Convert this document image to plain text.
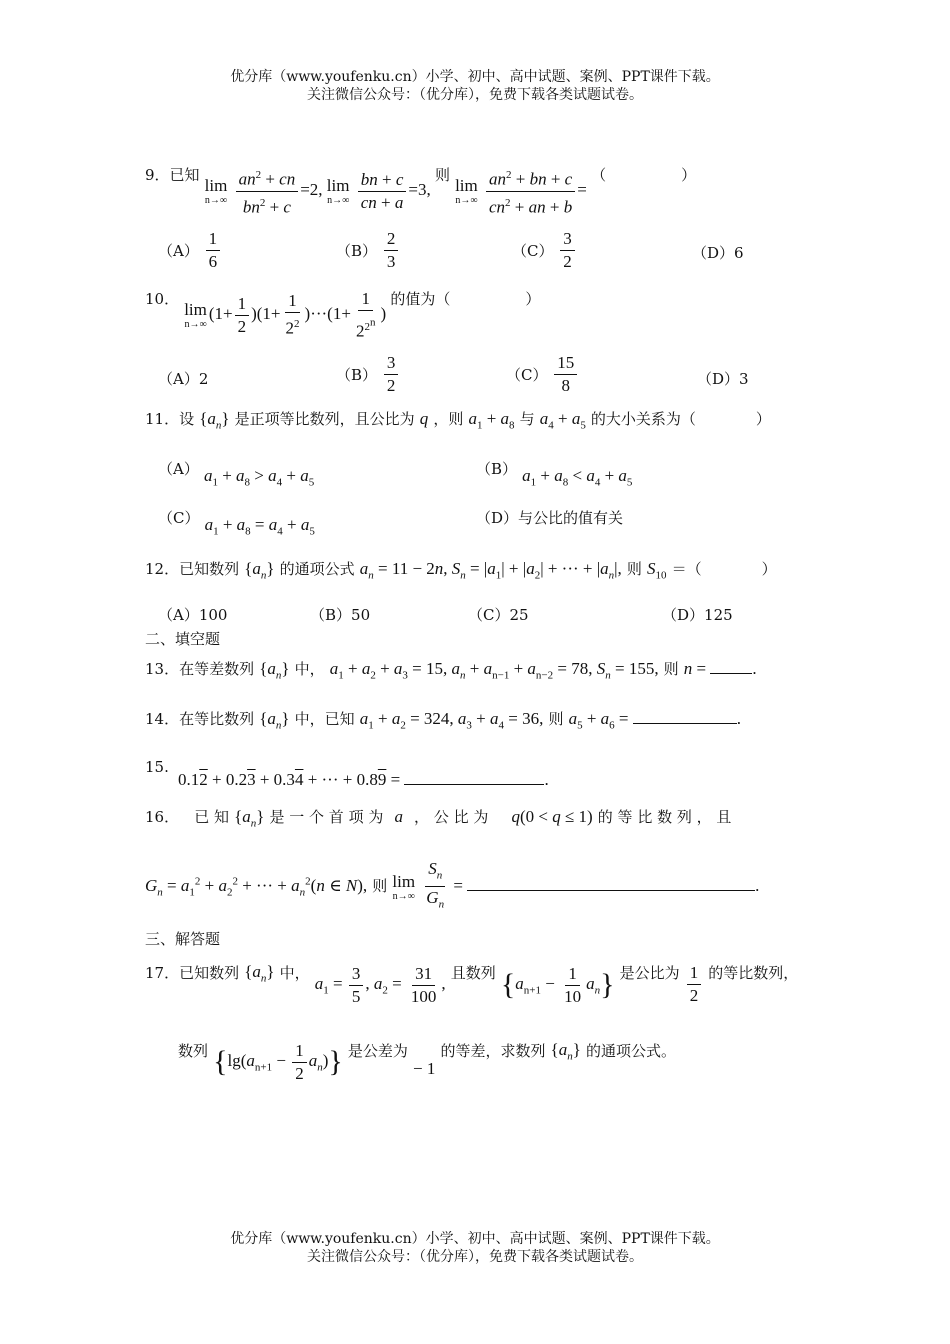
优分库（www.youfenku.cn）小学、初中、高中试题、案例、PPT课件下载。
关注微信公众号：（优分库），免费下载各类试题试卷。
9．已知
lim
n→∞
$\frac{an^2 + cn}{bn^2 + c} =2$, lim
n→∞
$\frac{bn + c}{cn + a} =3$, 则
lim
n→∞
$\frac{an^2 + bn + c}{cn^2 + an + b}$ = （　　　　　）
$(A) \frac{1}{6}$	$(B) \frac{2}{3}$	$(C) \frac{3}{2}$	（D）6
10．
lim
n→∞
$(1+ \frac{1}{2} )(1+ \frac{1}{2^2} )\cdot\cdot\cdot(1+ \frac{1}{2^{2^n}}$ ) 的值为（　　　　　）
（A）2	$(B) \frac{3}{2}$	$(C) \frac{15}{8}$	（D）3
11．设 $\{a_n\}$ 是正项等比数列，且公比为 q ，则 $a_1 + a_8$ 与 $a_4 + a_5$ 的大小关系为（　　　　）
（A） $a_1 + a_8 > a_4 + a_5$
（B） $a_1 + a_8 < a_4 + a_5$
（C） $a_1 + a_8 = a_4 + a_5$
（D）与公比的值有关
12．已知数列 $\{a_n\}$ 的通项公式 $a_n = 11 - 2n$, $S_n = |a_1| + |a_2|$ + ··· + $|a_n|$, 则 $S_{10}$ ＝（　　　　）
（A）100	（B）50	（C）25	（D）125
二、填空题
13．在等差数列 $\{a_n\}$ 中， $a_1 + a_2 + a_3 = 15$, $a_n + a_{n-1} + a_{n-2} = 78$, $S_n = 155$, 则 n = .
14．在等比数列 $\{a_n\}$ 中，已知 $a_1 + a_2 = 324$, $a_3 + a_4 = 36$, 则 $a_5 + a_6$ =	.
15.
0.12 + 0.23 + 0.34 + ··· + 0.89 =	.
16． 已 知 $\{a_n\}$ 是 一 个 首 项 为 a ， 公 比 为 q(0 < q ≤ 1) 的 等 比 数 列 ， 且
$G_n = a_1^2 + a_2^2$ + ··· + $a_n^2(n$ ∈ N), 则 lim
n→∞
$\frac{S_n}{G_n}$ =	.
三、解答题
17．已知数列 $\{a_n\}$ 中， $a_1 = \frac{3}{5}$ , $a_2 = \frac{31}{100}$ , 且数列 $\{a_{n+1} - \frac{1}{10} a_n\}$ 是公比为 $\frac{1}{2}$ 的等比数列，
数列 $\{\lg(a_{n+1} - \frac{1}{2} a_n)\}$ 是公差为 − 1 的等差，求数列 $\{a_n\}$ 的通项公式。
优分库（www.youfenku.cn）小学、初中、高中试题、案例、PPT课件下载。
关注微信公众号：（优分库），免费下载各类试题试卷。
